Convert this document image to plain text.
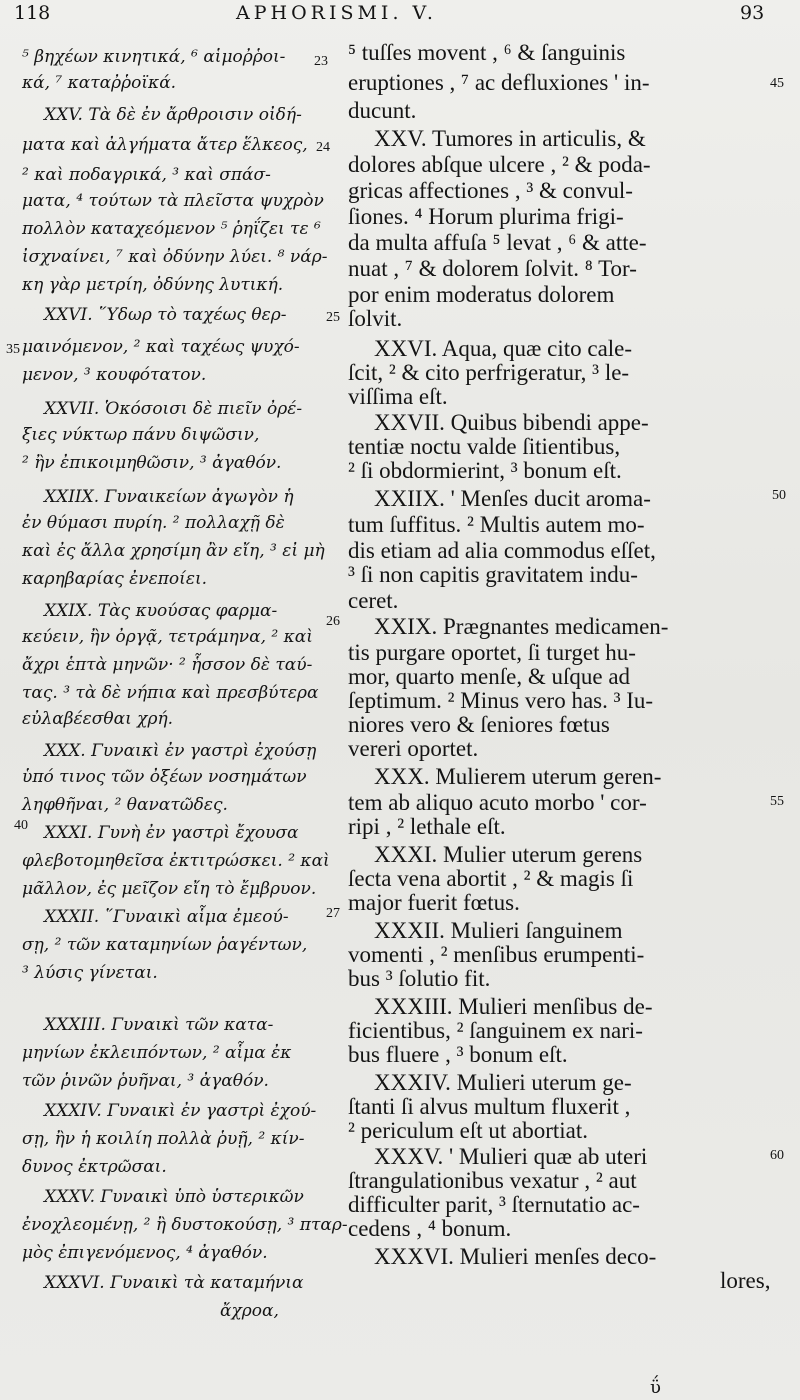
118	APHORISMI. V.	93

⁵ βηχέων κινητικά, ⁶ αἱμοῤῥοι-

κά, ⁷ καταῤῥοϊκά.

XXV. Τὰ δὲ ἐν ἄρθροισιν οἰδή-

ματα καὶ ἀλγήματα ἄτερ ἕλκεος,

² καὶ ποδαγρικά, ³ καὶ σπάσ-

ματα, ⁴ τούτων τὰ πλεῖστα ψυχρὸν

πολλὸν καταχεόμενον ⁵ ῥηΐζει τε ⁶

ἰσχναίνει, ⁷ καὶ ὀδύνην λύει. ⁸ νάρ-

κη γὰρ μετρίη, ὀδύνης λυτική.

XXVI. ῞Υδωρ τὸ ταχέως θερ-

μαινόμενον, ² καὶ ταχέως ψυχό-

μενον, ³ κουφότατον.

XXVII. Ὁκόσοισι δὲ πιεῖν ὀρέ-

ξιες νύκτωρ πάνυ διψῶσιν,

² ἢν ἐπικοιμηθῶσιν, ³ ἀγαθόν.

XXIIX. Γυναικείων ἀγωγὸν ἡ

ἐν θύμασι πυρίη. ² πολλαχῇ δὲ

καὶ ἐς ἄλλα χρησίμη ἂν εἴη, ³ εἰ μὴ

καρηβαρίας ἐνεποίει.

XXIX. Τὰς κυούσας φαρμα-

κεύειν, ἢν ὀργᾷ, τετράμηνα, ² καὶ

ἄχρι ἑπτὰ μηνῶν· ² ἧσσον δὲ ταύ-

τας. ³ τὰ δὲ νήπια καὶ πρεσβύτερα

εὐλαβέεσθαι χρή.

XXX. Γυναικὶ ἐν γαστρὶ ἐχούσῃ

ὑπό τινος τῶν ὀξέων νοσημάτων

ληφθῆναι, ² θανατῶδες.

XXXI. Γυνὴ ἐν γαστρὶ ἔχουσα

φλεβοτομηθεῖσα ἐκτιτρώσκει. ² καὶ

μᾶλλον, ἐς μεῖζον εἴη τὸ ἔμβρυον.

XXXII. ῞Γυναικὶ αἷμα ἐμεού-

σῃ, ² τῶν καταμηνίων ῥαγέντων,

³ λύσις γίνεται.

XXXIII. Γυναικὶ τῶν κατα-

μηνίων ἐκλειπόντων, ² αἷμα ἐκ

τῶν ῥινῶν ῥυῆναι, ³ ἀγαθόν.

XXXIV. Γυναικὶ ἐν γαστρὶ ἐχού-

σῃ, ἢν ἡ κοιλίη πολλὰ ῥυῇ, ² κίν-

δυνος ἐκτρῶσαι.

XXXV. Γυναικὶ ὑπὸ ὑστερικῶν

ἐνοχλεομένῃ, ² ἢ δυστοκούσῃ, ³ πταρ-

μὸς ἐπιγενόμενος, ⁴ ἀγαθόν.

XXXVI. Γυναικὶ τὰ καταμήνια

ἄχροα,

⁵ tuſſes movent , ⁶ & ſanguinis

eruptiones , ⁷ ac defluxiones ' in-

ducunt.

XXV. Tumores in articulis, &

dolores abſque ulcere , ² & poda-

gricas affectiones , ³ & convul-

ſiones. ⁴ Horum plurima frigi-

da multa affuſa ⁵ levat , ⁶ & atte-

nuat , ⁷ & dolorem ſolvit. ⁸ Tor-

por enim moderatus dolorem

ſolvit.

XXVI. Aqua, quæ cito cale-

ſcit, ² & cito perfrigeratur, ³ le-

viſſima eſt.

XXVII. Quibus bibendi appe-

tentiæ noctu valde ſitientibus,

² ſi obdormierint, ³ bonum eſt.

XXIIX. ' Menſes ducit aroma-

tum ſuffitus. ² Multis autem mo-

dis etiam ad alia commodus eſſet,

³ ſi non capitis gravitatem indu-

ceret.

XXIX. Prægnantes medicamen-

tis purgare oportet, ſi turget hu-

mor, quarto menſe, & uſque ad

ſeptimum. ² Minus vero has. ³ Iu-

niores vero & ſeniores fœtus

vereri oportet.

XXX. Mulierem uterum geren-

tem ab aliquo acuto morbo ' cor-

ripi , ² lethale eſt.

XXXI. Mulier uterum gerens

ſecta vena abortit , ² & magis ſi

major fuerit fœtus.

XXXII. Mulieri ſanguinem

vomenti , ² menſibus erumpenti-

bus ³ ſolutio fit.

XXXIII. Mulieri menſibus de-

ficientibus, ² ſanguinem ex nari-

bus fluere , ³ bonum eſt.

XXXIV. Mulieri uterum ge-

ſtanti ſi alvus multum fluxerit ,

² periculum eſt ut abortiat.

XXXV. ' Mulieri quæ ab uteri

ſtrangulationibus vexatur , ² aut

difficulter parit, ³ ſternutatio ac-

cedens , ⁴ bonum.

XXXVI. Mulieri menſes deco-

lores,

23
24
25
35
26
40
27
45
50
55
60
ΰ
